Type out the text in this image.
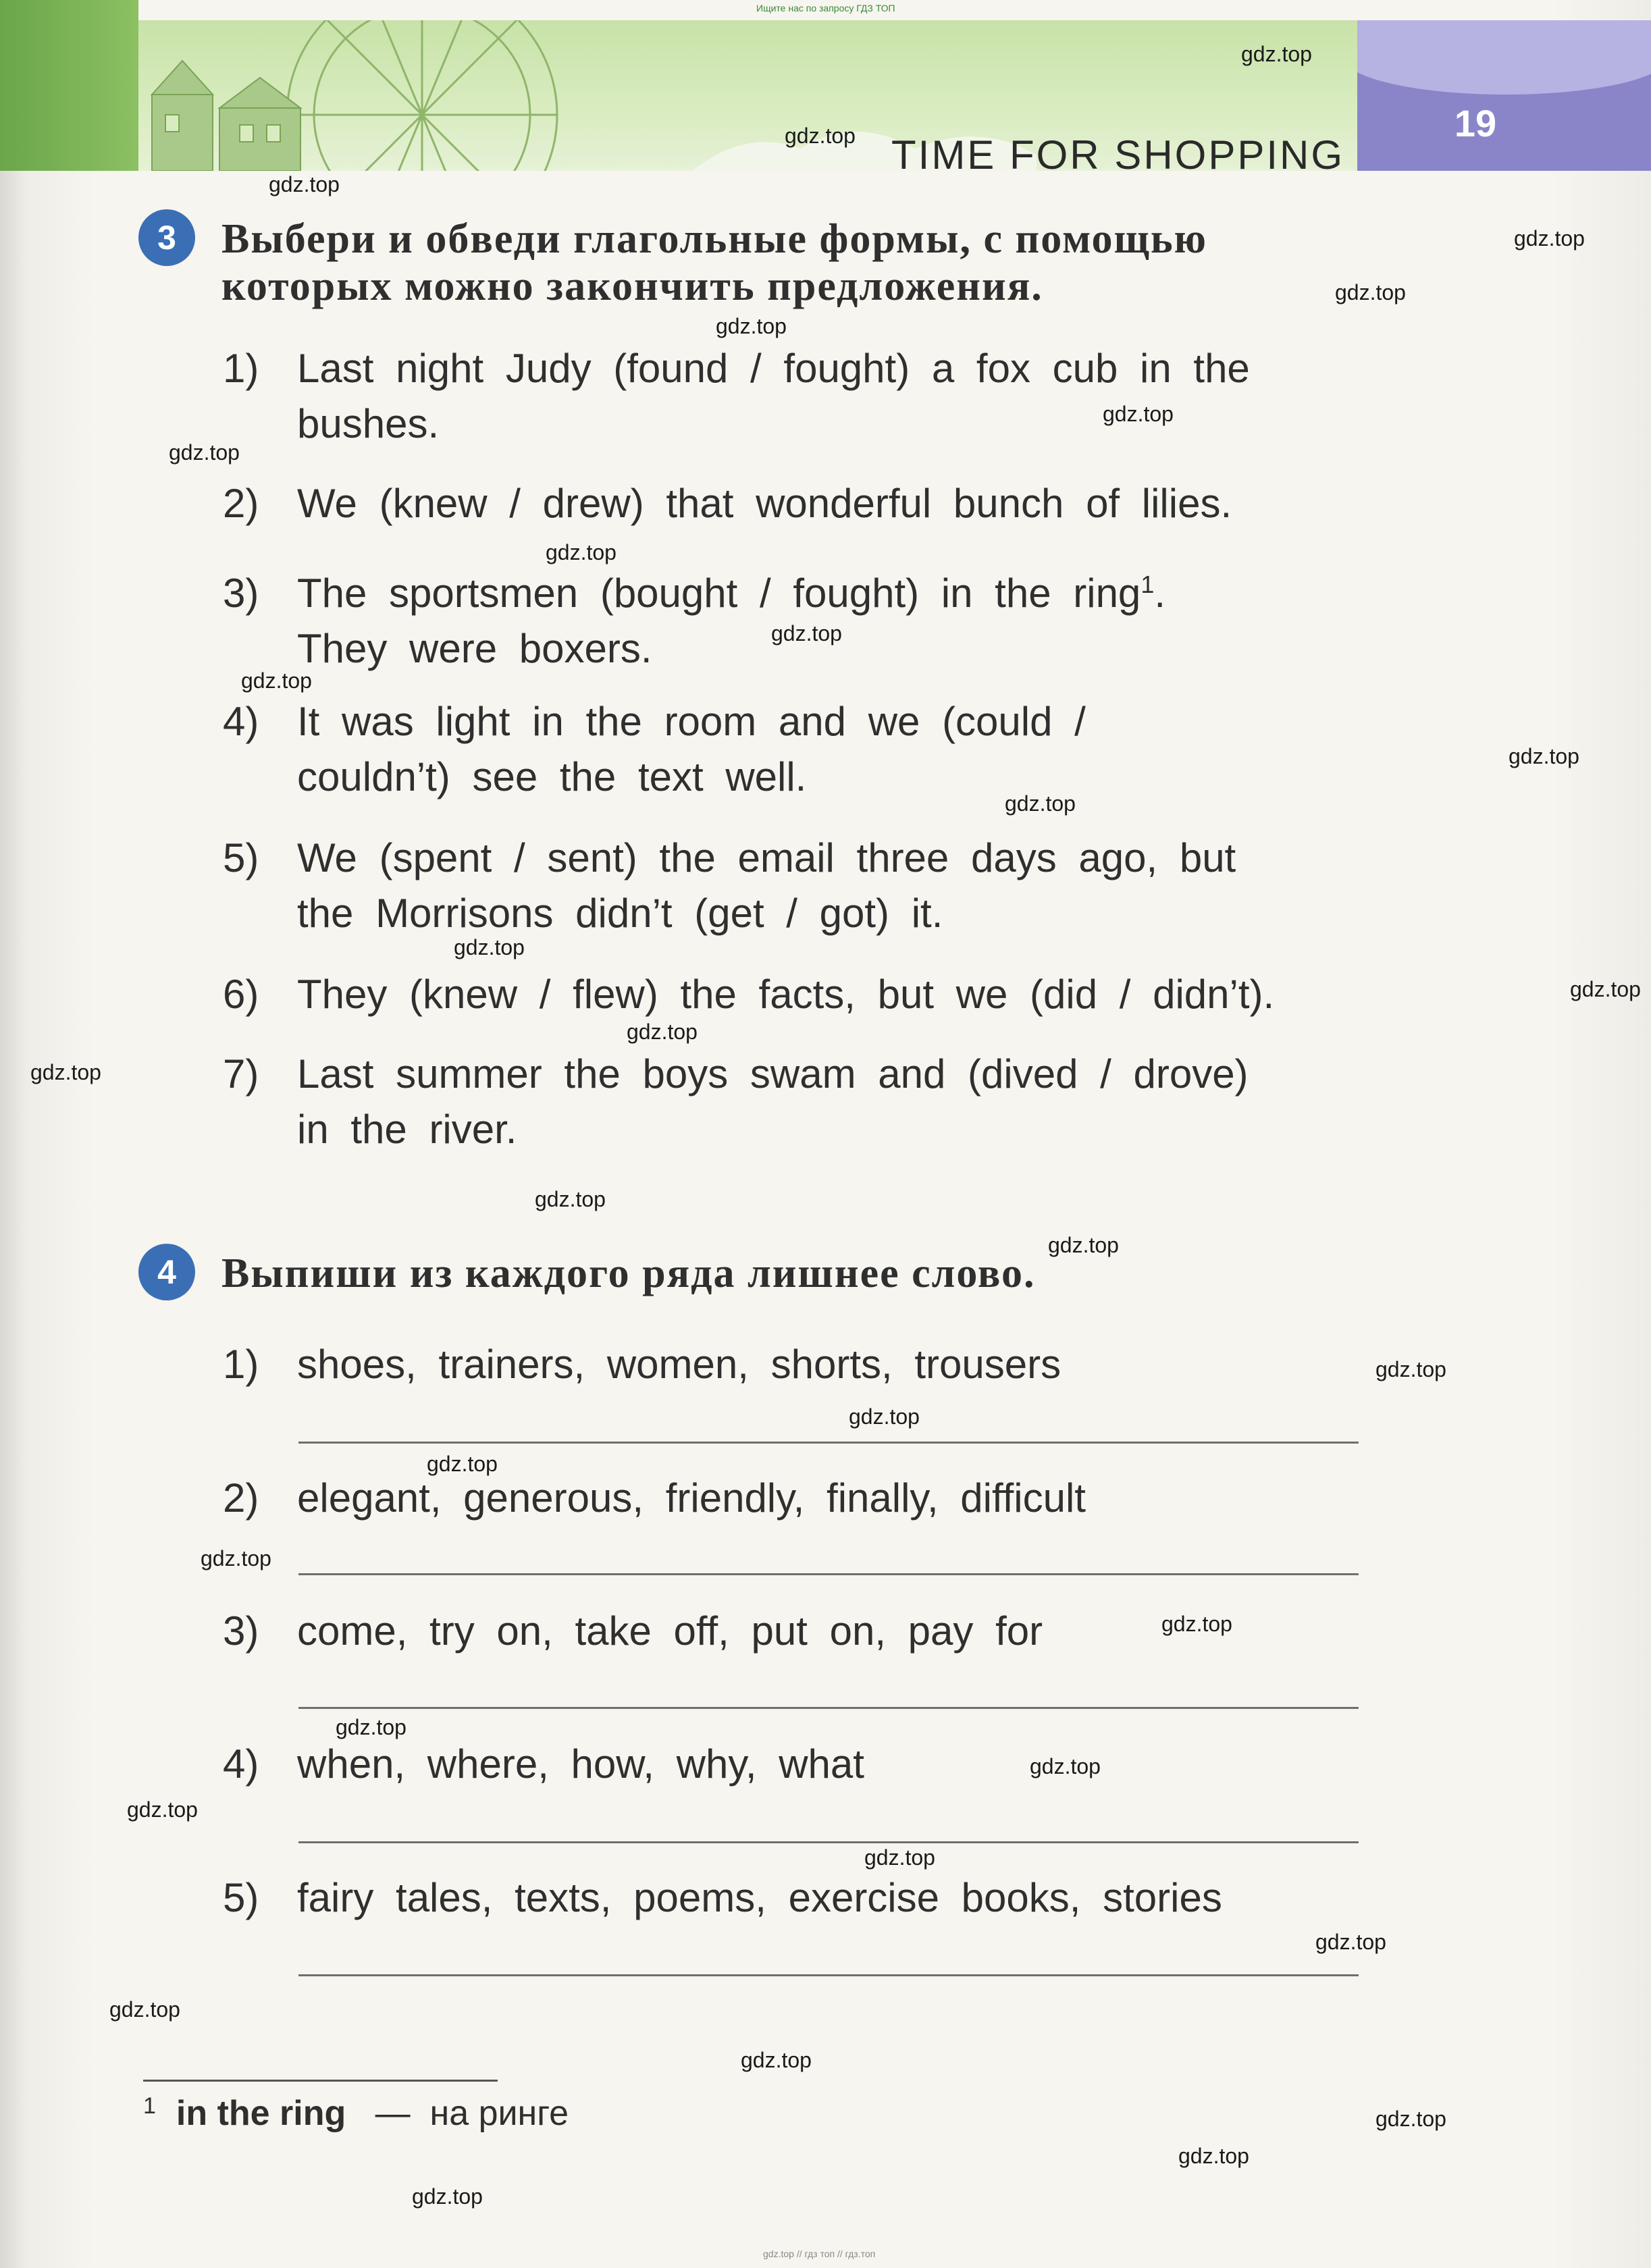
Ищите нас по запросу ГДЗ ТОП
19
TIME FOR SHOPPING
3	Выбери и обведи глагольные формы, с помощью
которых можно закончить предложения.
1) Last night Judy (found / fought) a fox cub in the
bushes.
2) We (knew / drew) that wonderful bunch of lilies.
3) The sportsmen (bought / fought) in the ring$^1$.
They were boxers.
4) It was light in the room and we (could /
couldn’t) see the text well.
5) We (spent / sent) the email three days ago, but
the Morrisons didn’t (get / got) it.
6) They (knew / flew) the facts, but we (did / didn’t).
7) Last summer the boys swam and (dived / drove)
in the river.
4	Выпиши из каждого ряда лишнее слово.
1) shoes, trainers, women, shorts, trousers
2) elegant, generous, friendly, finally, difficult
3) come, try on, take off, put on, pay for
4) when, where, how, why, what
5) fairy tales, texts, poems, exercise books, stories
$^1$ in the ring — на ринге
gdz.top // гдз топ // гдз.топ
gdz.top
gdz.top
gdz.top
gdz.top
gdz.top
gdz.top
gdz.top
gdz.top
gdz.top
gdz.top
gdz.top
gdz.top
gdz.top
gdz.top
gdz.top
gdz.top
gdz.top
gdz.top
gdz.top
gdz.top
gdz.top
gdz.top
gdz.top
gdz.top
gdz.top
gdz.top
gdz.top
gdz.top
gdz.top
gdz.top
gdz.top
gdz.top
gdz.top
gdz.top
